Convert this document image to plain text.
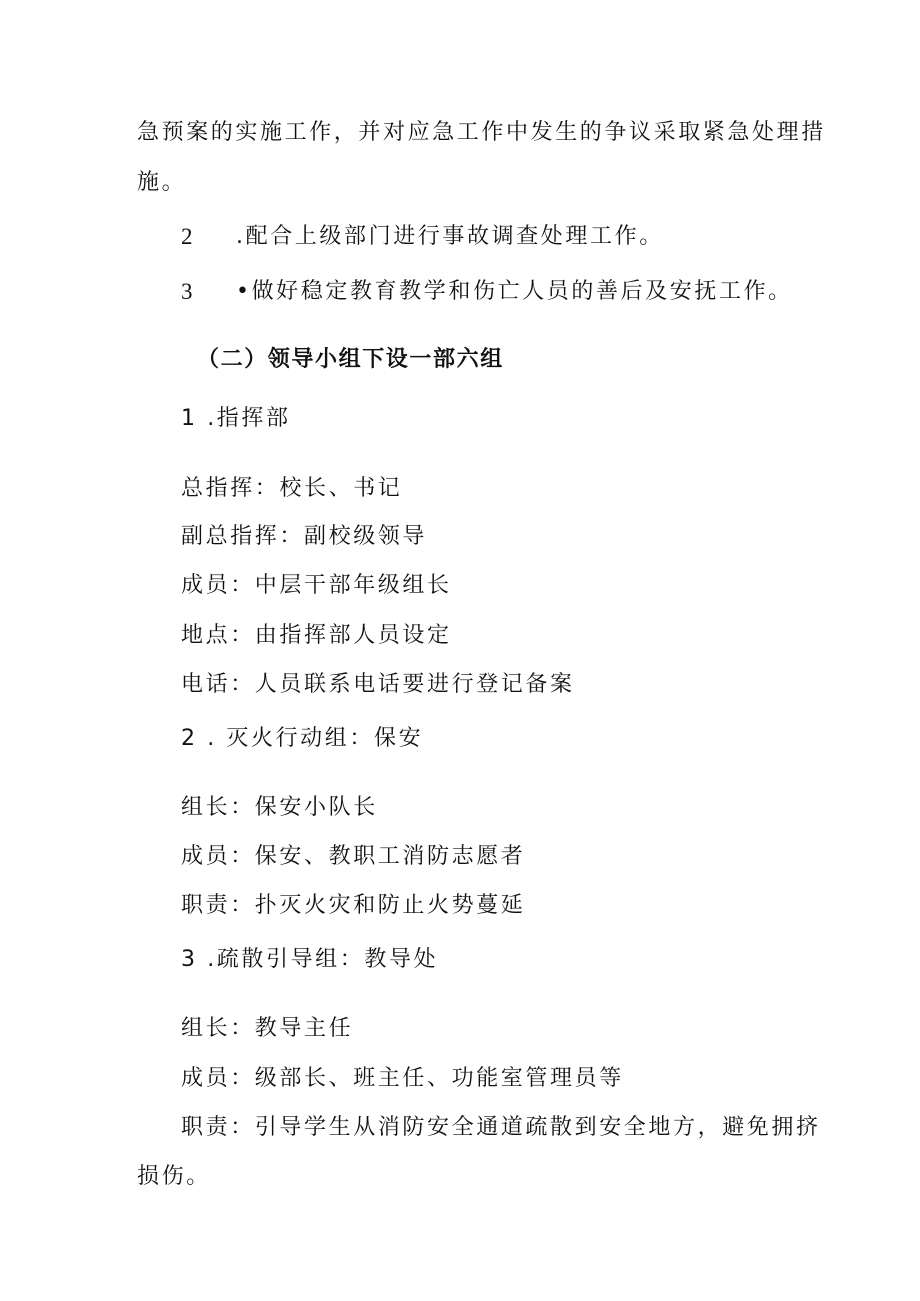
急预案的实施工作，并对应急工作中发生的争议采取紧急处理措
施。
2 .配合上级部门进行事故调查处理工作。
3 •做好稳定教育教学和伤亡人员的善后及安抚工作。
（二）领导小组下设一部六组
1 .指挥部
总指挥：校长、书记
副总指挥：副校级领导
成员：中层干部年级组长
地点：由指挥部人员设定
电话：人员联系电话要进行登记备案
2 . 灭火行动组：保安
组长：保安小队长
成员：保安、教职工消防志愿者
职责：扑灭火灾和防止火势蔓延
3 .疏散引导组：教导处
组长：教导主任
成员：级部长、班主任、功能室管理员等
职责：引导学生从消防安全通道疏散到安全地方，避免拥挤
损伤。
